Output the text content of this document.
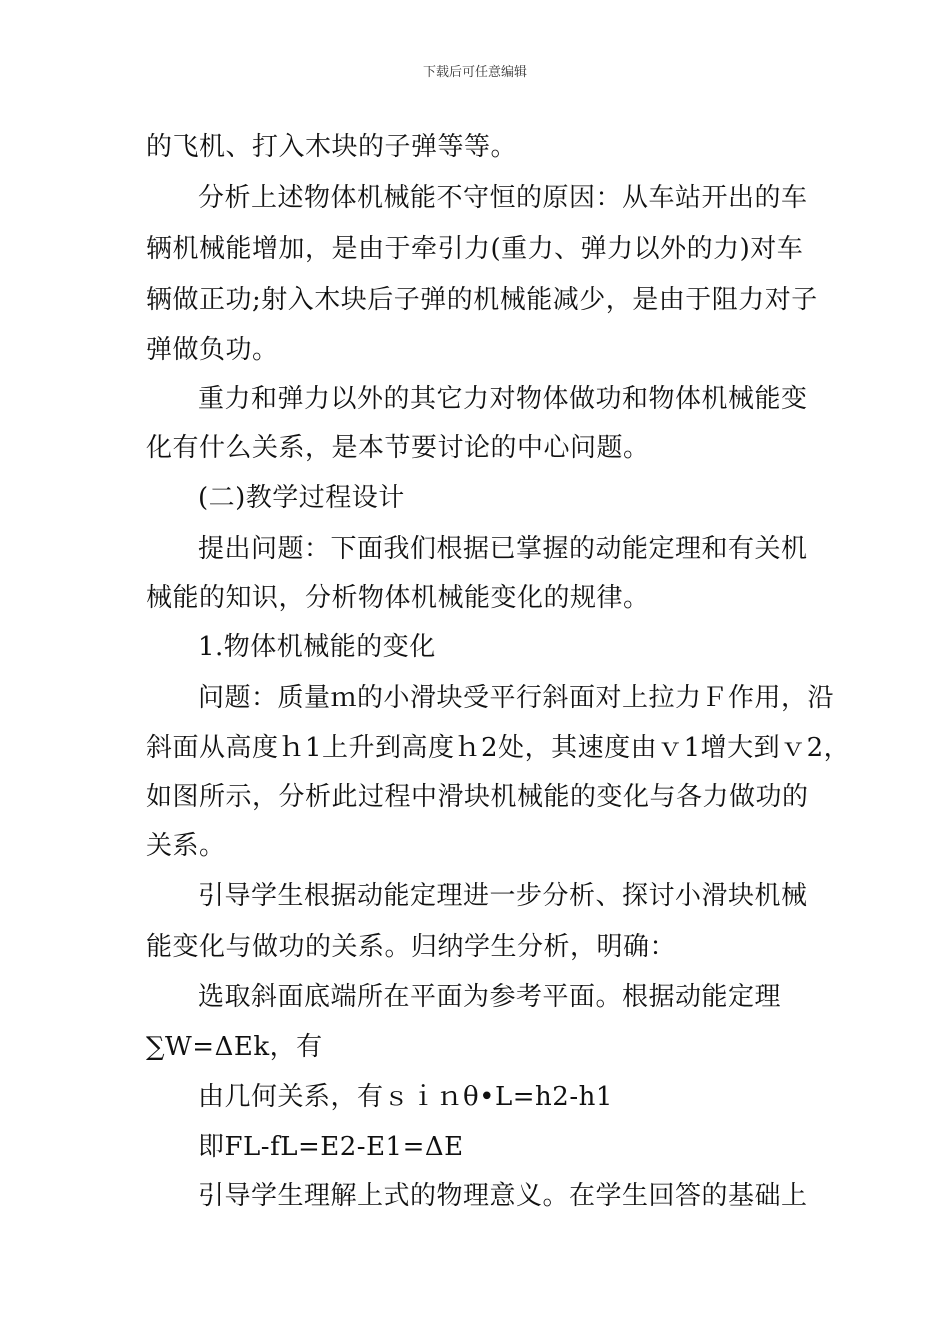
下载后可任意编辑
的飞机、打入木块的子弹等等。
分析上述物体机械能不守恒的原因：从车站开出的车
辆机械能增加，是由于牵引力(重力、弹力以外的力)对车
辆做正功;射入木块后子弹的机械能减少，是由于阻力对子
弹做负功。
重力和弹力以外的其它力对物体做功和物体机械能变
化有什么关系，是本节要讨论的中心问题。
(二)教学过程设计
提出问题：下面我们根据已掌握的动能定理和有关机
械能的知识，分析物体机械能变化的规律。
1.物体机械能的变化
问题：质量ｍ的小滑块受平行斜面对上拉力Ｆ作用，沿
斜面从高度ｈ1上升到高度ｈ2处，其速度由ｖ1增大到ｖ2，
如图所示，分析此过程中滑块机械能的变化与各力做功的
关系。
引导学生根据动能定理进一步分析、探讨小滑块机械
能变化与做功的关系。归纳学生分析，明确：
选取斜面底端所在平面为参考平面。根据动能定理
∑W=ΔEk，有
由几何关系，有ｓｉｎθ•L=h2-h1
即FL-fL=E2-E1=ΔE
引导学生理解上式的物理意义。在学生回答的基础上
